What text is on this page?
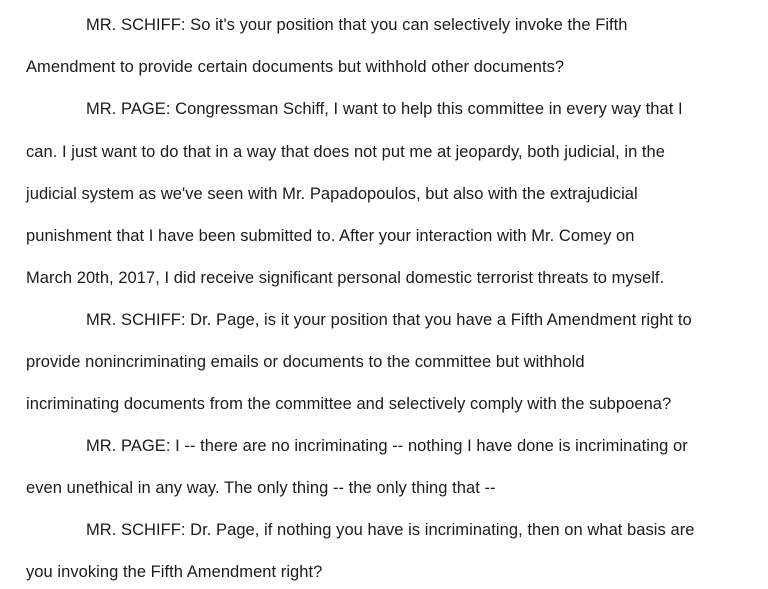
MR. SCHIFF: So it's your position that you can selectively invoke the Fifth
Amendment to provide certain documents but withhold other documents?
MR. PAGE: Congressman Schiff, I want to help this committee in every way that I
can. I just want to do that in a way that does not put me at jeopardy, both judicial, in the
judicial system as we've seen with Mr. Papadopoulos, but also with the extrajudicial
punishment that I have been submitted to. After your interaction with Mr. Comey on
March 20th, 2017, I did receive significant personal domestic terrorist threats to myself.
MR. SCHIFF: Dr. Page, is it your position that you have a Fifth Amendment right to
provide nonincriminating emails or documents to the committee but withhold
incriminating documents from the committee and selectively comply with the subpoena?
MR. PAGE: I -- there are no incriminating -- nothing I have done is incriminating or
even unethical in any way. The only thing -- the only thing that --
MR. SCHIFF: Dr. Page, if nothing you have is incriminating, then on what basis are
you invoking the Fifth Amendment right?
